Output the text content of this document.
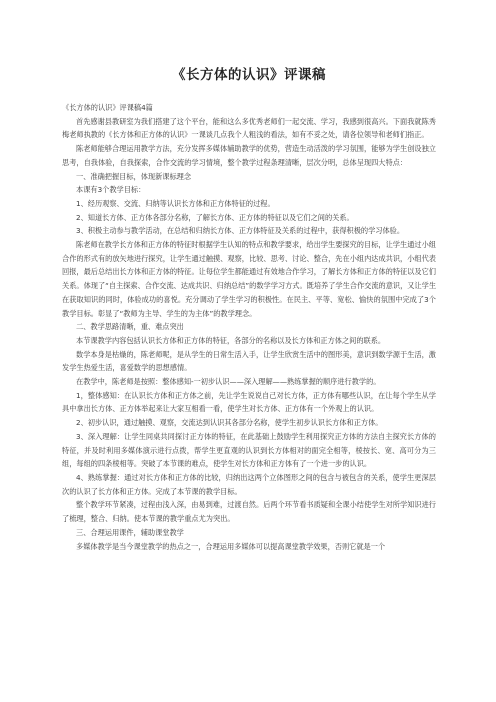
《长方体的认识》评课稿

《长方体的认识》评课稿4篇

首先感谢县教研室为我们搭建了这个平台，能和这么多优秀老师们一起交流、学习，我感到很高兴。下面我就陈秀梅老师执教的《长方体和正方体的认识》一课谈几点我个人粗浅的看法，如有不妥之处，请各位领导和老师们指正。

陈老师能够合理运用教学方法，充分发挥多媒体辅助教学的优势，营造生动活泼的学习氛围，能够为学生创设独立思考，自我体验，自我探索，合作交流的学习情境，整个教学过程条理清晰，层次分明，总体呈现四大特点：

一、准确把握目标，体现新课标理念

本课有3个教学目标：

1、经历观察、交流、归纳等认识长方体和正方体特征的过程。

2、知道长方体、正方体各部分名称，了解长方体、正方体的特征以及它们之间的关系。

3、积极主动参与教学活动，在总结和归纳长方体、正方体特征及关系的过程中，获得积极的学习体验。

陈老师在教学长方体和正方体的特征时根据学生认知的特点和教学要求，给出学生要探究的目标，让学生通过小组合作的形式有的放矢地进行探究，让学生通过触摸、观察，比较、思考、讨论、整合，先在小组内达成共识，小组代表回报，最后总结出长方体和正方体的特征。让每位学生都能通过有效地合作学习，了解长方体和正方体的特征以及它们关系。体现了“自主探索、合作交流、达成共识、归纳总结”的数学学习方式。既培养了学生合作交流的意识，又让学生在获取知识的同时，体验成功的喜悦。充分调动了学生学习的积极性。在民主、平等、宽松、愉快的氛围中完成了3个教学目标。彰显了“教师为主导、学生的为主体”的教学理念。

二、教学思路清晰，重、难点突出

本节课教学内容包括认识长方体和正方体的特征，各部分的名称以及长方体和正方体之间的联系。

数学本身是枯燥的，陈老师呢，是从学生的日常生活入手，让学生欣赏生活中的图形美，意识到数学源于生活，激发学生热爱生活，喜爱数学的思想感情。

在教学中，陈老师是按照：整体感知-一初步认识——深入理解——熟练掌握的顺序进行教学的。

1，整体感知：在认识长方体和正方体之前，先让学生说说自己对长方体，正方体有哪些认识，在让每个学生从学具中拿出长方体、正方体举起来让大家互相看一看，使学生对长方体、正方体有一个外观上的认识。

2、初步认识，通过触摸、观察，交流达到认识其各部分名称，使学生初步认识长方体和正方体。

3、深入理解：让学生同桌共同探讨正方体的特征，在此基础上鼓励学生利用探究正方体的方法自主探究长方体的特征，并及时利用多媒体演示进行点拨，帮学生更直观的认识到长方体相对的面完全相等，棱按长、宽、高可分为三组，每组的四条棱相等。突破了本节课的难点，使学生对长方体和正方体有了一个进一步的认识。

4、熟练掌握：通过对长方体和正方体的比较，归纳出这两个立体图形之间的包含与被包含的关系，使学生更深层次的认识了长方体和正方体。完成了本节课的教学目标。

整个教学环节紧凑，过程由浅入深，由易到难，过渡自然。后两个环节看书质疑和全课小结使学生对所学知识进行了梳理，整合、归纳。使本节课的教学重点尤为突出。

三、合理运用课件，辅助课堂教学

多媒体教学是当今课堂教学的热点之一，合理运用多媒体可以提高课堂教学效果，否则它就是一个
